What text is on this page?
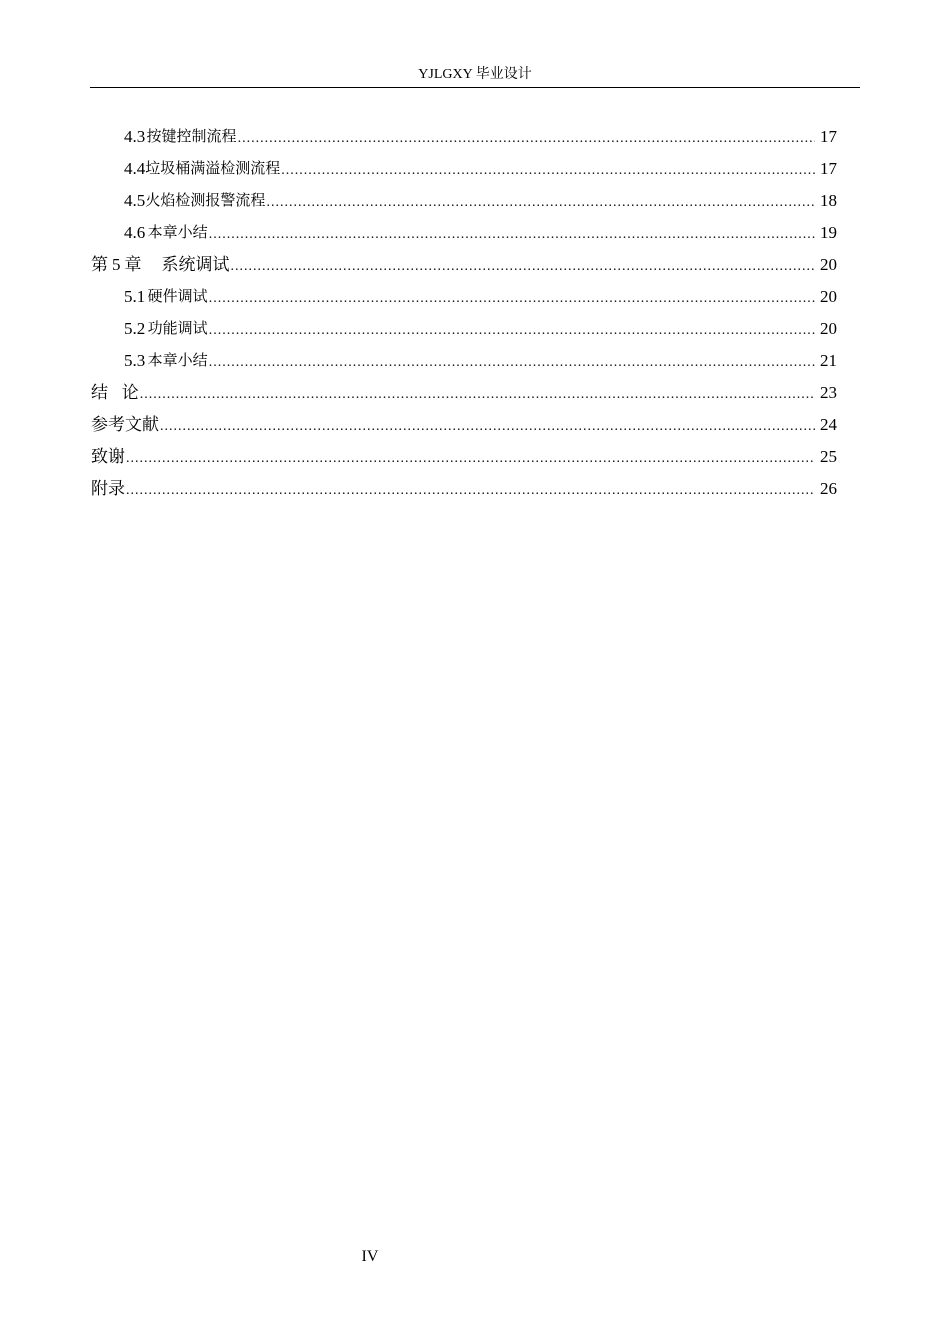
YJLGXY 毕业设计
4.3 按键控制流程 .....	17
4.4 垃圾桶满溢检测流程 .....	17
4.5 火焰检测报警流程 .....	18
4.6 本章小结 .....	19
第 5 章 系统调试 .....	20
5.1 硬件调试 .....	20
5.2 功能调试 .....	20
5.3 本章小结 .....	21
结 论 .....	23
参考文献 .....	24
致谢 .....	25
附录 .....	26
IV
